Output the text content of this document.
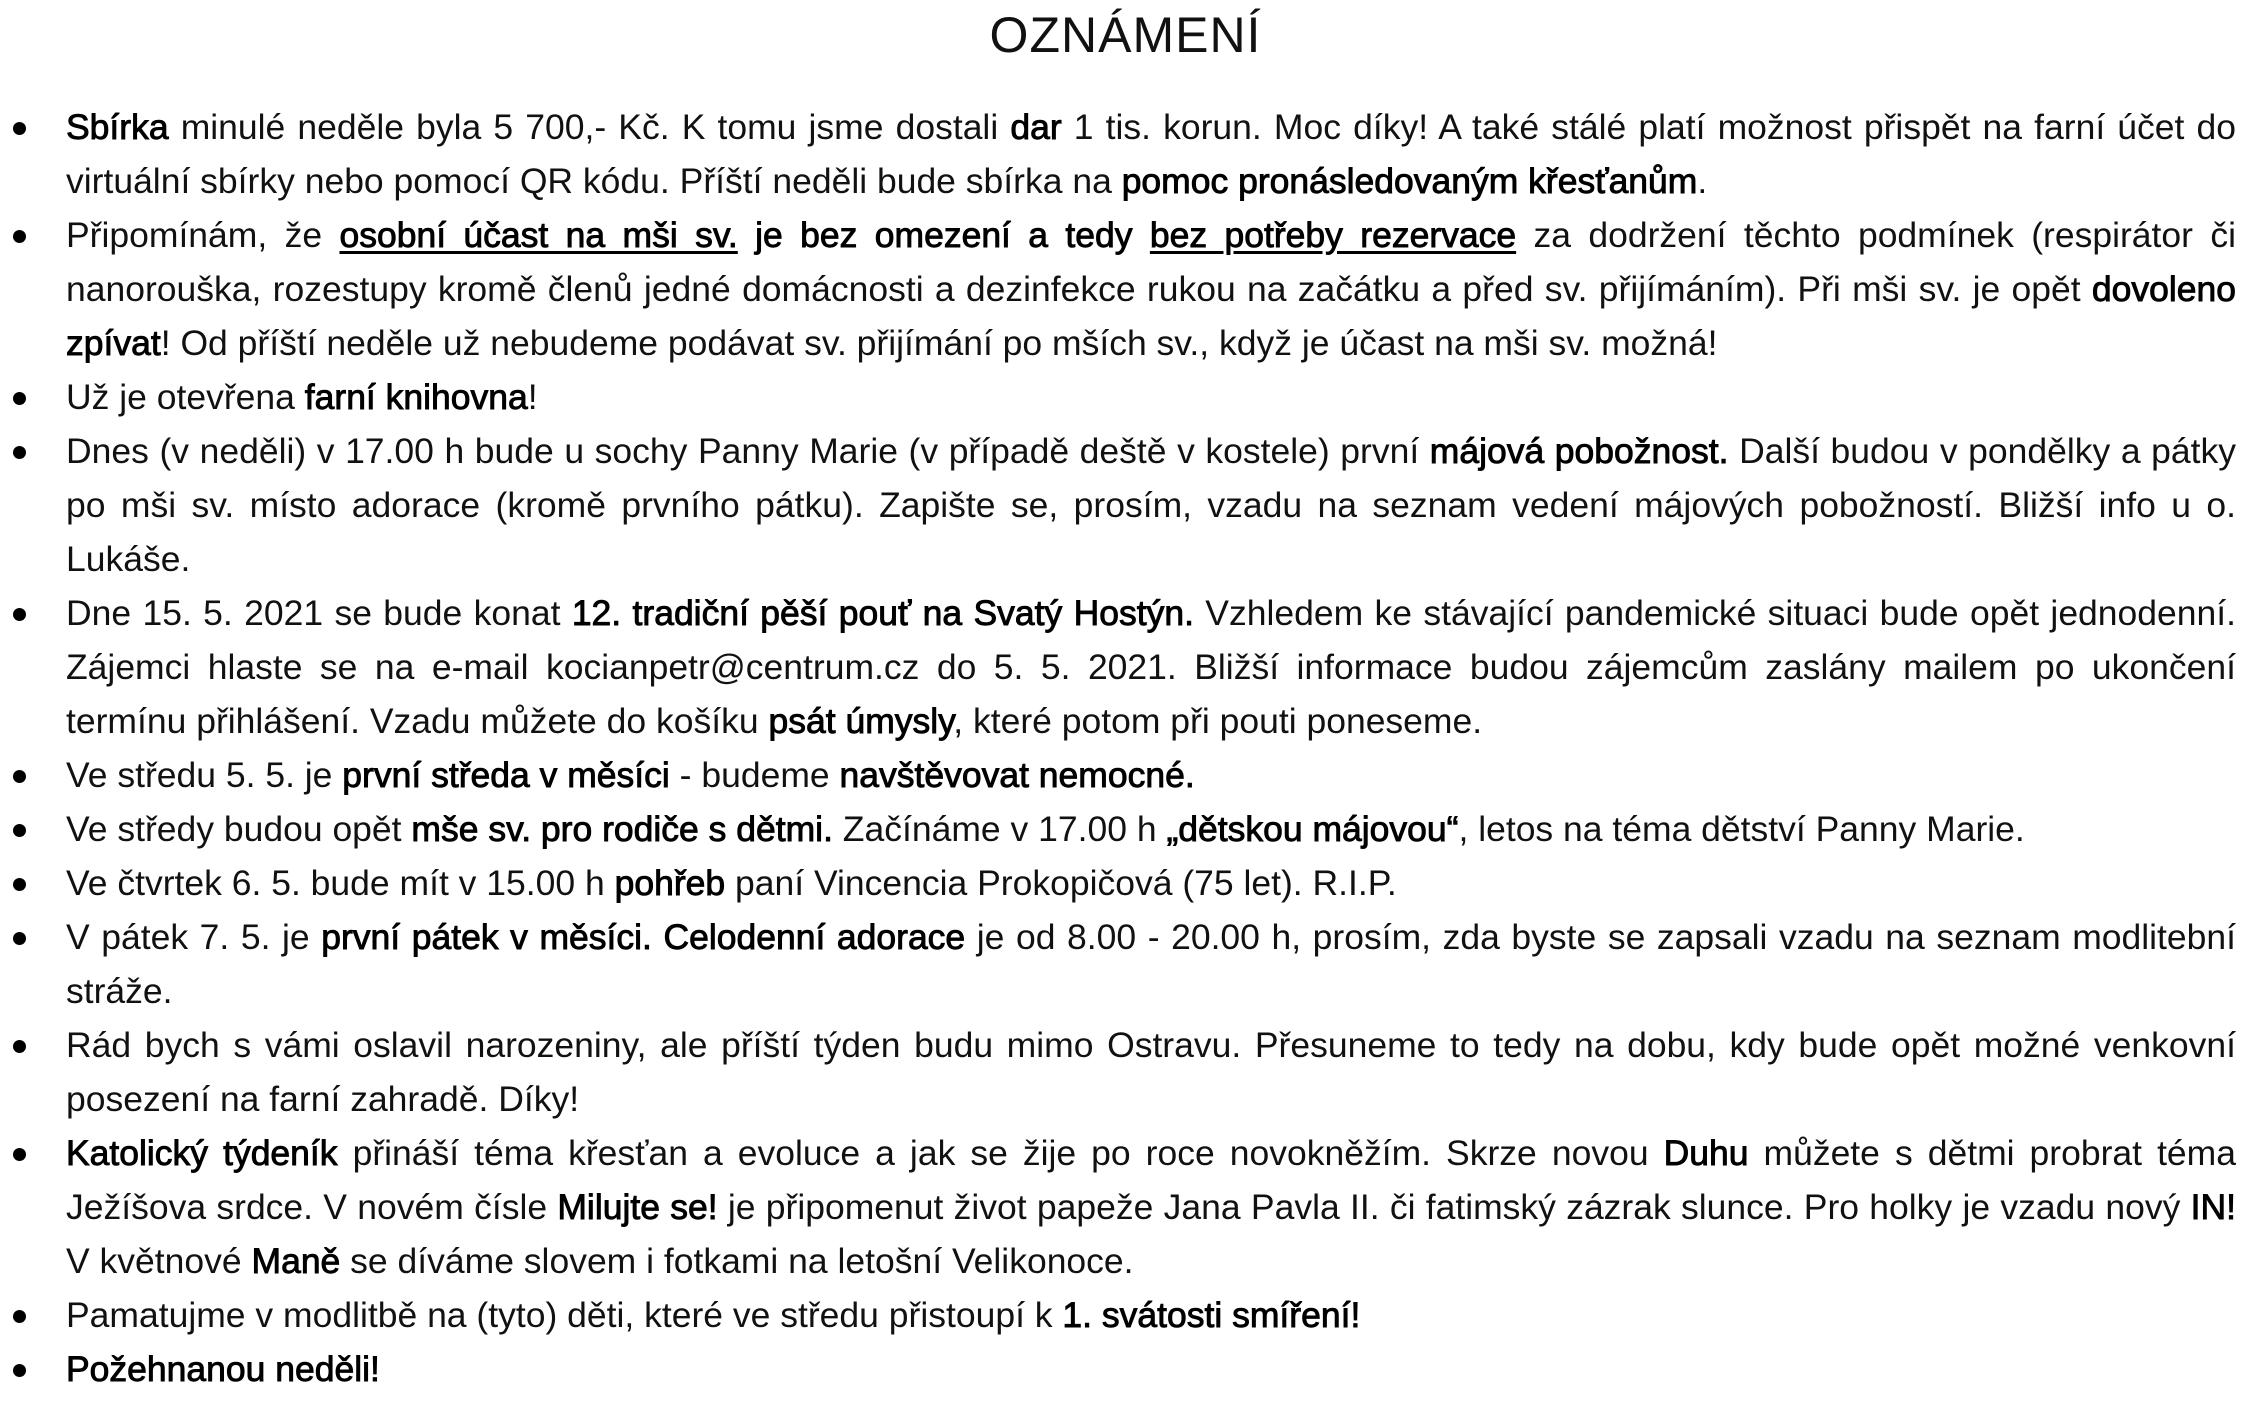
OZNÁMENÍ
Sbírka minulé neděle byla 5 700,- Kč. K tomu jsme dostali dar 1 tis. korun. Moc díky! A také stálé platí možnost přispět na farní účet do virtuální sbírky nebo pomocí QR kódu. Příští neděli bude sbírka na pomoc pronásledovaným křesťanům.
Připomínám, že osobní účast na mši sv. je bez omezení a tedy bez potřeby rezervace za dodržení těchto podmínek (respirátor či nanorouška, rozestupy kromě členů jedné domácnosti a dezinfekce rukou na začátku a před sv. přijímáním). Při mši sv. je opět dovoleno zpívat! Od příští neděle už nebudeme podávat sv. přijímání po mších sv., když je účast na mši sv. možná!
Už je otevřena farní knihovna!
Dnes (v neděli) v 17.00 h bude u sochy Panny Marie (v případě deště v kostele) první májová pobožnost. Další budou v pondělky a pátky po mši sv. místo adorace (kromě prvního pátku). Zapište se, prosím, vzadu na seznam vedení májových pobožností. Bližší info u o. Lukáše.
Dne 15. 5. 2021 se bude konat 12. tradiční pěší pouť na Svatý Hostýn. Vzhledem ke stávající pandemické situaci bude opět jednodenní. Zájemci hlaste se na e-mail kocianpetr@centrum.cz do 5. 5. 2021. Bližší informace budou zájemcům zaslány mailem po ukončení termínu přihlášení. Vzadu můžete do košíku psát úmysly, které potom při pouti poneseme.
Ve středu 5. 5. je první středa v měsíci - budeme navštěvovat nemocné.
Ve středy budou opět mše sv. pro rodiče s dětmi. Začínáme v 17.00 h „dětskou májovou“, letos na téma dětství Panny Marie.
Ve čtvrtek 6. 5. bude mít v 15.00 h pohřeb paní Vincencia Prokopičová (75 let). R.I.P.
V pátek 7. 5. je první pátek v měsíci. Celodenní adorace je od 8.00 - 20.00 h, prosím, zda byste se zapsali vzadu na seznam modlitební stráže.
Rád bych s vámi oslavil narozeniny, ale příští týden budu mimo Ostravu. Přesuneme to tedy na dobu, kdy bude opět možné venkovní posezení na farní zahradě. Díky!
Katolický týdeník přináší téma křesťan a evoluce a jak se žije po roce novokněžím. Skrze novou Duhu můžete s dětmi probrat téma Ježíšova srdce. V novém čísle Milujte se! je připomenut život papeže Jana Pavla II. či fatimský zázrak slunce. Pro holky je vzadu nový IN! V květnové Maně se díváme slovem i fotkami na letošní Velikonoce.
Pamatujme v modlitbě na (tyto) děti, které ve středu přistoupí k 1. svátosti smíření!
Požehnanou neděli!
